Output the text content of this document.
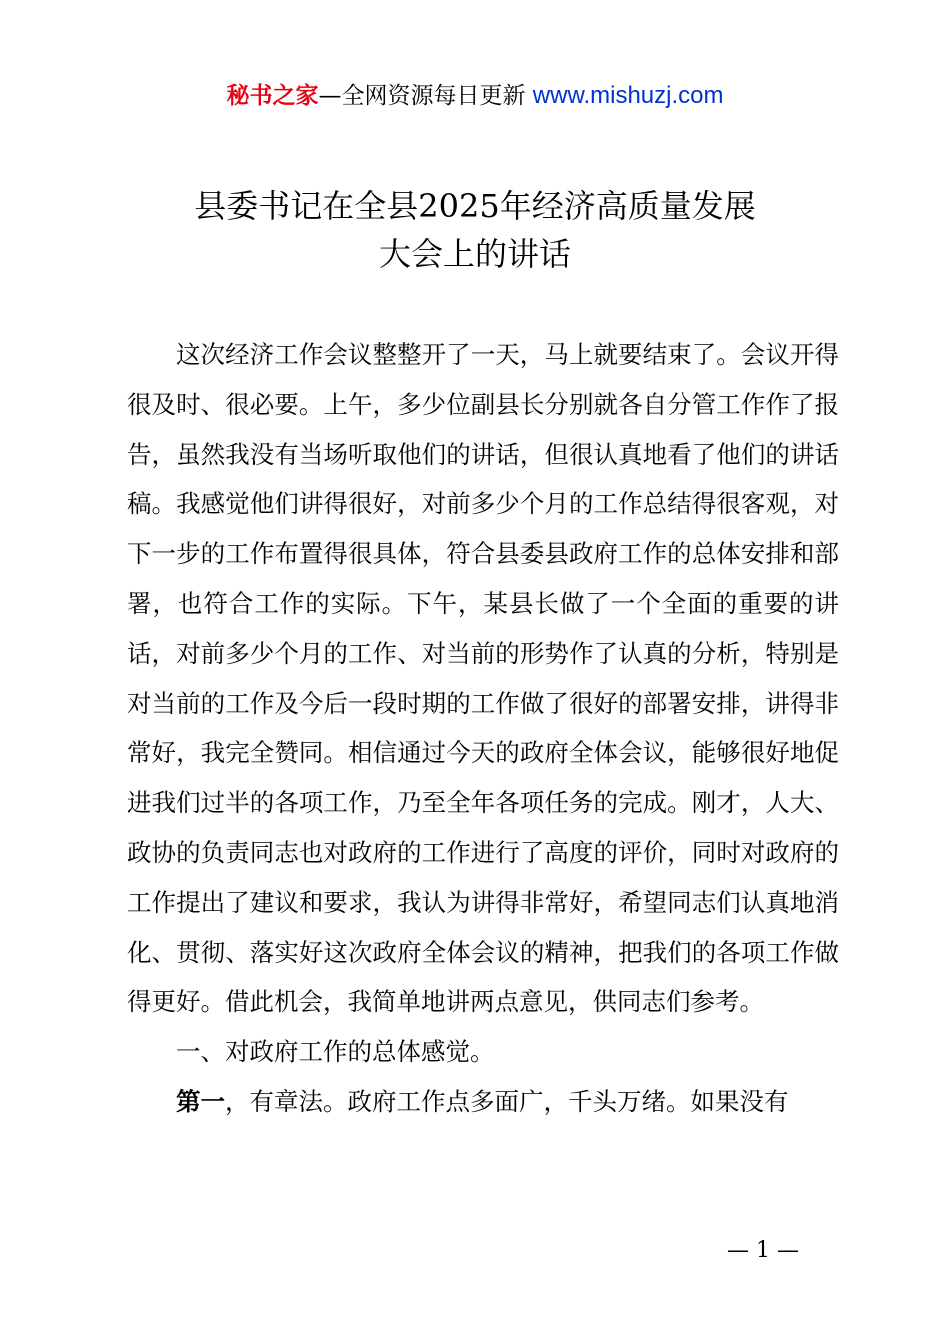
秘书之家—全网资源每日更新 www.mishuzj.com
县委书记在全县2025年经济高质量发展
大会上的讲话

这次经济工作会议整整开了一天，马上就要结束了。会议开得很及时、很必要。上午，多少位副县长分别就各自分管工作作了报告，虽然我没有当场听取他们的讲话，但很认真地看了他们的讲话稿。我感觉他们讲得很好，对前多少个月的工作总结得很客观，对下一步的工作布置得很具体，符合县委县政府工作的总体安排和部署，也符合工作的实际。下午，某县长做了一个全面的重要的讲话，对前多少个月的工作、对当前的形势作了认真的分析，特别是对当前的工作及今后一段时期的工作做了很好的部署安排，讲得非常好，我完全赞同。相信通过今天的政府全体会议，能够很好地促进我们过半的各项工作，乃至全年各项任务的完成。刚才，人大、政协的负责同志也对政府的工作进行了高度的评价，同时对政府的工作提出了建议和要求，我认为讲得非常好，希望同志们认真地消化、贯彻、落实好这次政府全体会议的精神，把我们的各项工作做得更好。借此机会，我简单地讲两点意见，供同志们参考。

一、对政府工作的总体感觉。

第一，有章法。政府工作点多面广，千头万绪。如果没有

— 1 —
